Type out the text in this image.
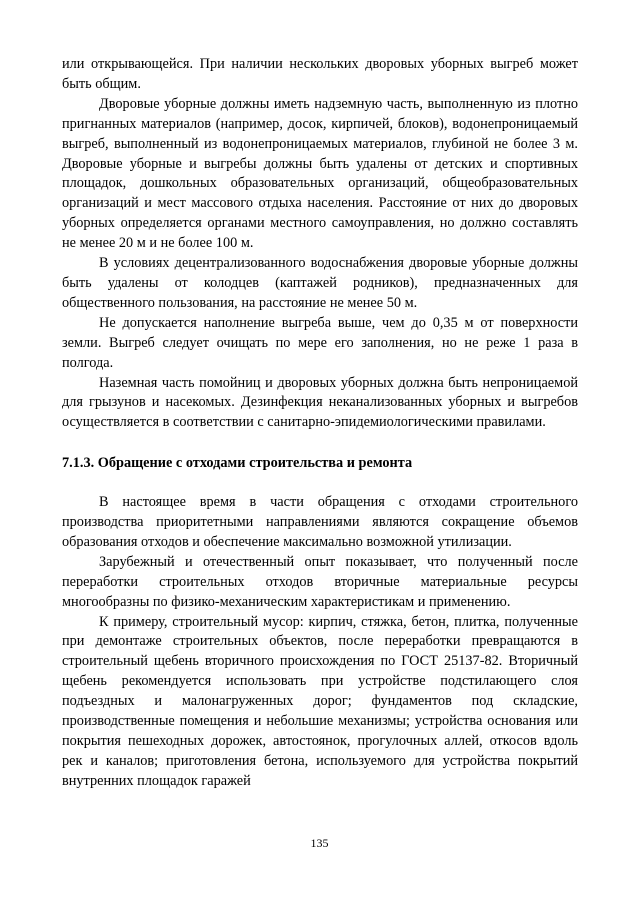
или открывающейся. При наличии нескольких дворовых уборных выгреб может быть общим.

Дворовые уборные должны иметь надземную часть, выполненную из плотно пригнанных материалов (например, досок, кирпичей, блоков), водонепроницаемый выгреб, выполненный из водонепроницаемых материалов, глубиной не более 3 м. Дворовые уборные и выгребы должны быть удалены от детских и спортивных площадок, дошкольных образовательных организаций, общеобразовательных организаций и мест массового отдыха населения. Расстояние от них до дворовых уборных определяется органами местного самоуправления, но должно составлять не менее 20 м и не более 100 м.

В условиях децентрализованного водоснабжения дворовые уборные должны быть удалены от колодцев (каптажей родников), предназначенных для общественного пользования, на расстояние не менее 50 м.

Не допускается наполнение выгреба выше, чем до 0,35 м от поверхности земли. Выгреб следует очищать по мере его заполнения, но не реже 1 раза в полгода.

Наземная часть помойниц и дворовых уборных должна быть непроницаемой для грызунов и насекомых. Дезинфекция неканализованных уборных и выгребов осуществляется в соответствии с санитарно-эпидемиологическими правилами.

7.1.3. Обращение с отходами строительства и ремонта

В настоящее время в части обращения с отходами строительного производства приоритетными направлениями являются сокращение объемов образования отходов и обеспечение максимально возможной утилизации.

Зарубежный и отечественный опыт показывает, что полученный после переработки строительных отходов вторичные материальные ресурсы многообразны по физико-механическим характеристикам и применению.

К примеру, строительный мусор: кирпич, стяжка, бетон, плитка, полученные при демонтаже строительных объектов, после переработки превращаются в строительный щебень вторичного происхождения по ГОСТ 25137-82. Вторичный щебень рекомендуется использовать при устройстве подстилающего слоя подъездных и малонагруженных дорог; фундаментов под складские, производственные помещения и небольшие механизмы; устройства основания или покрытия пешеходных дорожек, автостоянок, прогулочных аллей, откосов вдоль рек и каналов; приготовления бетона, используемого для устройства покрытий внутренних площадок гаражей

135
